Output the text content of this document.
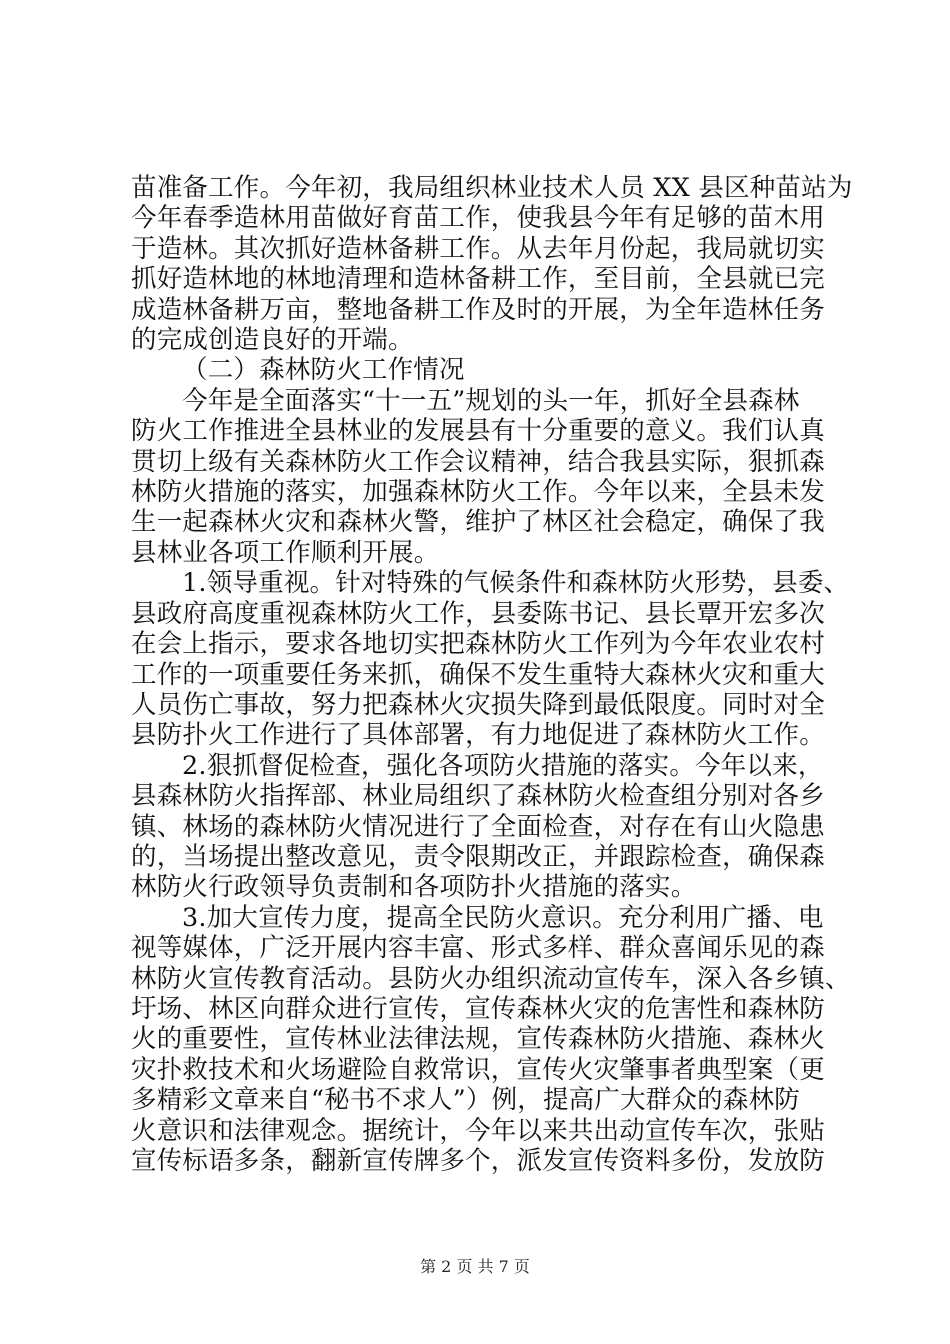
苗准备工作。今年初，我局组织林业技术人员 XX 县区种苗站为
今年春季造林用苗做好育苗工作，使我县今年有足够的苗木用
于造林。其次抓好造林备耕工作。从去年月份起，我局就切实
抓好造林地的林地清理和造林备耕工作，至目前，全县就已完
成造林备耕万亩，整地备耕工作及时的开展，为全年造林任务
的完成创造良好的开端。
（二）森林防火工作情况
今年是全面落实“十一五”规划的头一年，抓好全县森林
防火工作推进全县林业的发展县有十分重要的意义。我们认真
贯切上级有关森林防火工作会议精神，结合我县实际，狠抓森
林防火措施的落实，加强森林防火工作。今年以来，全县未发
生一起森林火灾和森林火警，维护了林区社会稳定，确保了我
县林业各项工作顺利开展。
1.领导重视。针对特殊的气候条件和森林防火形势，县委、
县政府高度重视森林防火工作，县委陈书记、县长覃开宏多次
在会上指示，要求各地切实把森林防火工作列为今年农业农村
工作的一项重要任务来抓，确保不发生重特大森林火灾和重大
人员伤亡事故，努力把森林火灾损失降到最低限度。同时对全
县防扑火工作进行了具体部署，有力地促进了森林防火工作。
2.狠抓督促检查，强化各项防火措施的落实。今年以来，
县森林防火指挥部、林业局组织了森林防火检查组分别对各乡
镇、林场的森林防火情况进行了全面检查，对存在有山火隐患
的，当场提出整改意见，责令限期改正，并跟踪检查，确保森
林防火行政领导负责制和各项防扑火措施的落实。
3.加大宣传力度，提高全民防火意识。充分利用广播、电
视等媒体，广泛开展内容丰富、形式多样、群众喜闻乐见的森
林防火宣传教育活动。县防火办组织流动宣传车，深入各乡镇、
圩场、林区向群众进行宣传，宣传森林火灾的危害性和森林防
火的重要性，宣传林业法律法规，宣传森林防火措施、森林火
灾扑救技术和火场避险自救常识，宣传火灾肇事者典型案（更
多精彩文章来自“秘书不求人”）例，提高广大群众的森林防
火意识和法律观念。据统计，今年以来共出动宣传车次，张贴
宣传标语多条，翻新宣传牌多个，派发宣传资料多份，发放防
第 2 页 共 7 页
